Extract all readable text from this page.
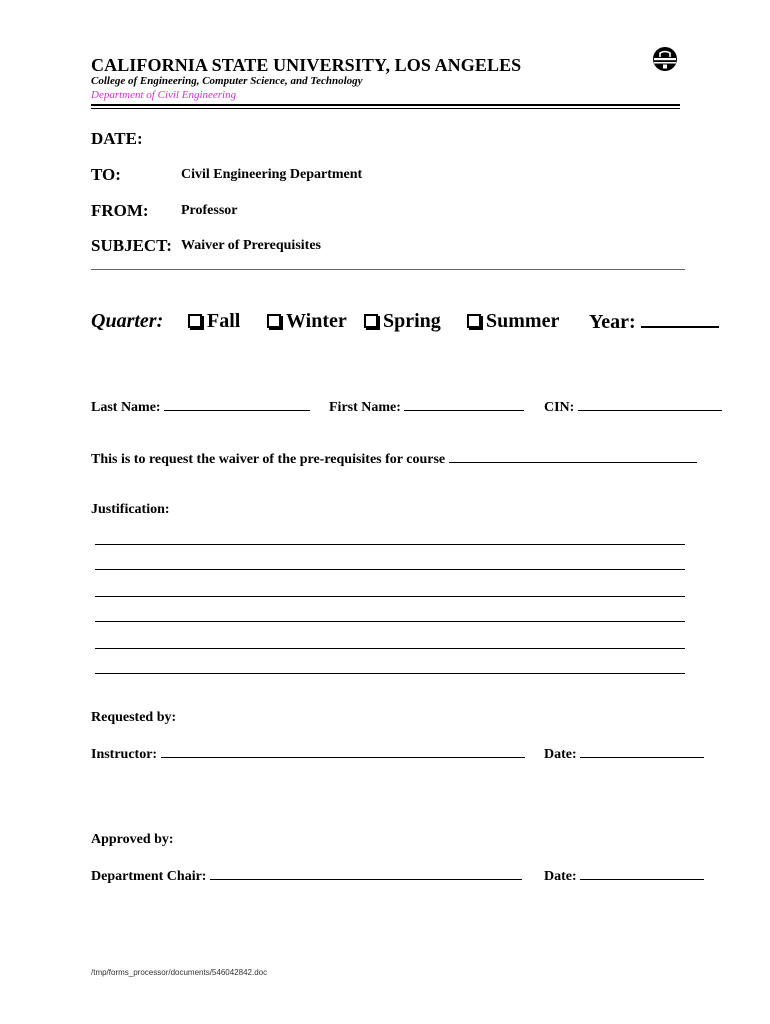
CALIFORNIA STATE UNIVERSITY, LOS ANGELES
College of Engineering, Computer Science, and Technology
Department of Civil Engineering
DATE:
TO:	Civil Engineering Department
FROM: Professor
SUBJECT: Waiver of Prerequisites
Quarter:	Fall	Winter	Spring	Summer Year:
Last Name:	First Name:	CIN:
This is to request the waiver of the pre-requisites for course
Justification:
Requested by:
Instructor:	Date:
Approved by:
Department Chair:	Date:
/tmp/forms_processor/documents/546042842.doc
